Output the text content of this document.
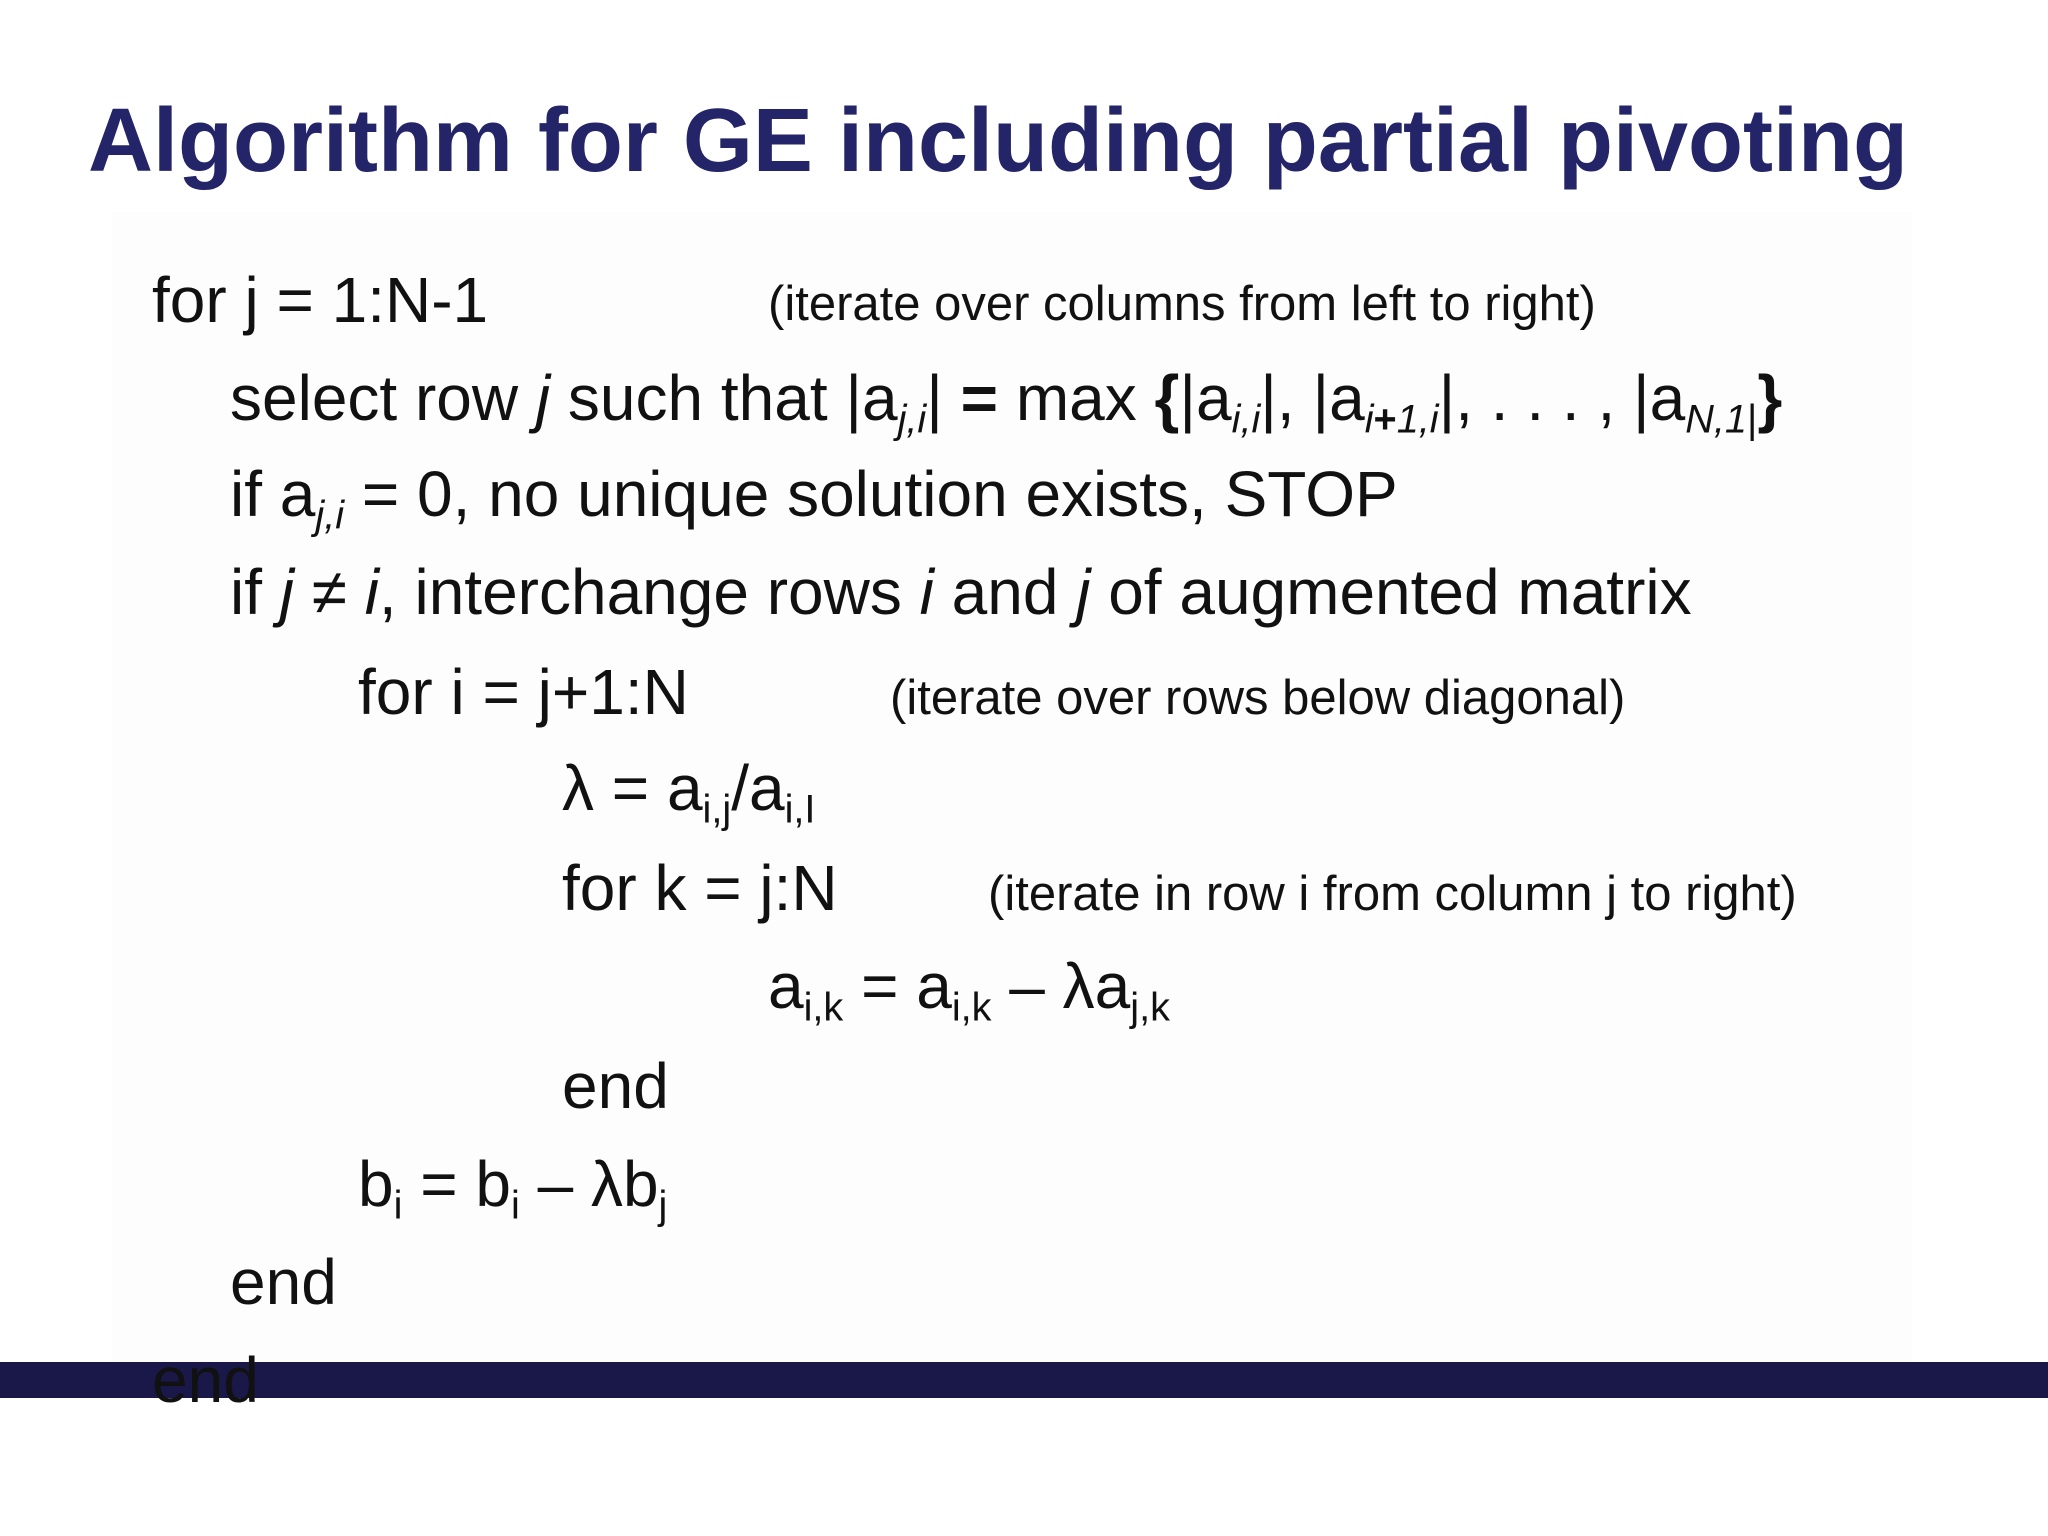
Algorithm for GE including partial pivoting
for j = 1:N-1	(iterate over columns from left to right)
select row j such that $|a_{j,i}| = \max \{|a_{i,i}|$, $|a_{i+1,i}|$, . . . , $|a_{N,1|}$}
if $a_{j,i} = 0$, no unique solution exists, STOP
if j ≠ i, interchange rows i and j of augmented matrix
for i = j+1:N	(iterate over rows below diagonal)
$\lambda = a_{i,j}/a_{i,I}$
for k = j:N	(iterate in row i from column j to right)
$a_{i,k} = a_{i,k} - \lambda a_{j,k}$
end
$b_i = b_i - \lambda b_j$
end
end
